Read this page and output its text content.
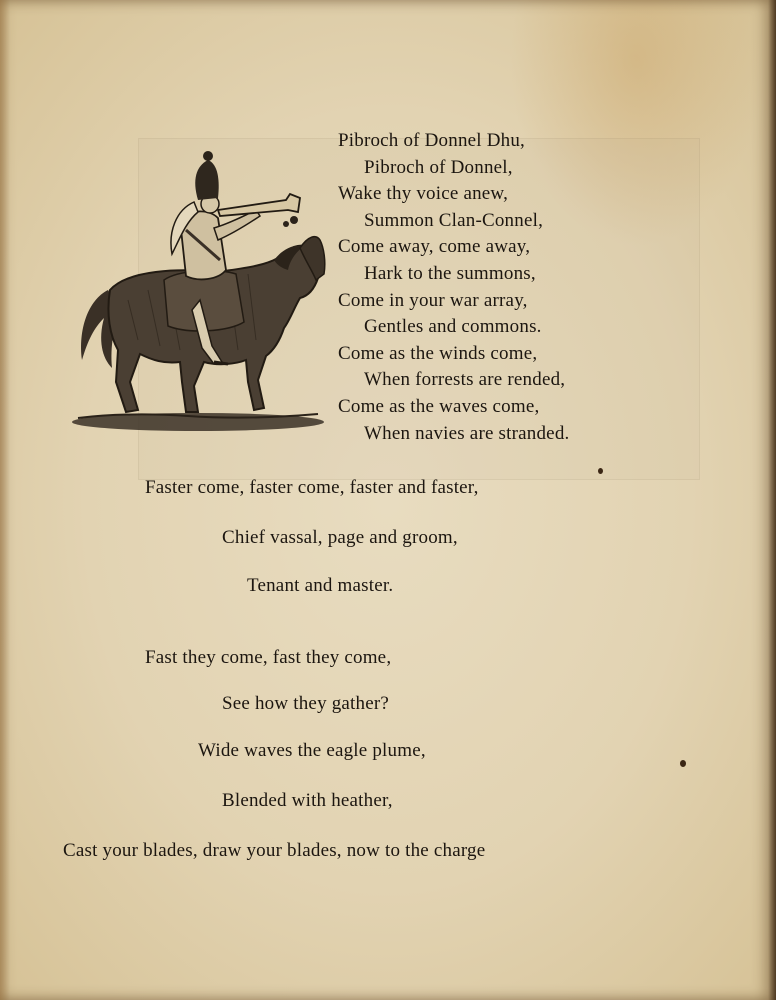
Pibroch of Donnel Dhu,
Pibroch of Donnel,
Wake thy voice anew,
Summon Clan-Connel,
Come away, come away,
Hark to the summons,
Come in your war array,
Gentles and commons.
Come as the winds come,
When forrests are rended,
Come as the waves come,
When navies are stranded.
Faster come, faster come, faster and faster,
Chief vassal, page and groom,
Tenant and master.
Fast they come, fast they come,
See how they gather?
Wide waves the eagle plume,
Blended with heather,
Cast your blades, draw your blades, now to the charge
